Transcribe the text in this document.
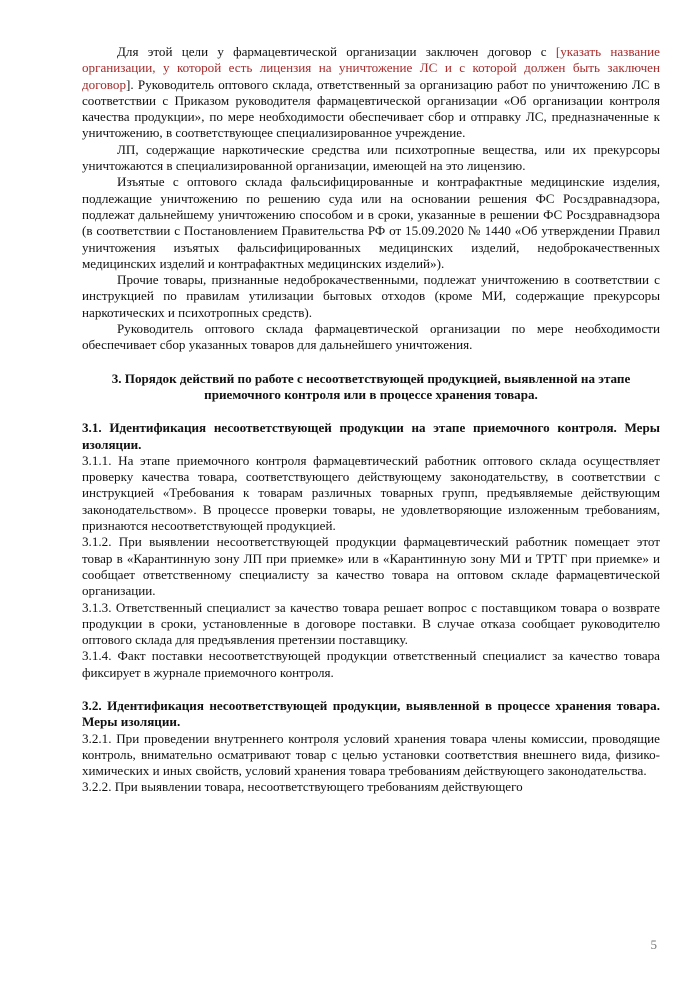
Для этой цели у фармацевтической организации заключен договор с [указать название организации, у которой есть лицензия на уничтожение ЛС и с которой должен быть заключен договор]. Руководитель оптового склада, ответственный за организацию работ по уничтожению ЛС в соответствии с Приказом руководителя фармацевтической организации «Об организации контроля качества продукции», по мере необходимости обеспечивает сбор и отправку ЛС, предназначенные к уничтожению, в соответствующее специализированное учреждение.

ЛП, содержащие наркотические средства или психотропные вещества, или их прекурсоры уничтожаются в специализированной организации, имеющей на это лицензию.

Изъятые с оптового склада фальсифицированные и контрафактные медицинские изделия, подлежащие уничтожению по решению суда или на основании решения ФС Росздравнадзора, подлежат дальнейшему уничтожению способом и в сроки, указанные в решении ФС Росздравнадзора (в соответствии с Постановлением Правительства РФ от 15.09.2020 № 1440 «Об утверждении Правил уничтожения изъятых фальсифицированных медицинских изделий, недоброкачественных медицинских изделий и контрафактных медицинских изделий»).

Прочие товары, признанные недоброкачественными, подлежат уничтожению в соответствии с инструкцией по правилам утилизации бытовых отходов (кроме МИ, содержащие прекурсоры наркотических и психотропных средств).

Руководитель оптового склада фармацевтической организации по мере необходимости обеспечивает сбор указанных товаров для дальнейшего уничтожения.

3. Порядок действий по работе с несоответствующей продукцией, выявленной на этапе приемочного контроля или в процессе хранения товара.

3.1. Идентификация несоответствующей продукции на этапе приемочного контроля. Меры изоляции.

3.1.1. На этапе приемочного контроля фармацевтический работник оптового склада осуществляет проверку качества товара, соответствующего действующему законодательству, в соответствии с инструкцией «Требования к товарам различных товарных групп, предъявляемые действующим законодательством». В процессе проверки товары, не удовлетворяющие изложенным требованиям, признаются несоответствующей продукцией.

3.1.2. При выявлении несоответствующей продукции фармацевтический работник помещает этот товар в «Карантинную зону ЛП при приемке» или в «Карантинную зону МИ и ТРТГ при приемке» и сообщает ответственному специалисту за качество товара на оптовом складе фармацевтической организации.

3.1.3. Ответственный специалист за качество товара решает вопрос с поставщиком товара о возврате продукции в сроки, установленные в договоре поставки. В случае отказа сообщает руководителю оптового склада для предъявления претензии поставщику.

3.1.4. Факт поставки несоответствующей продукции ответственный специалист за качество товара фиксирует в журнале приемочного контроля.

3.2. Идентификация несоответствующей продукции, выявленной в процессе хранения товара. Меры изоляции.

3.2.1. При проведении внутреннего контроля условий хранения товара члены комиссии, проводящие контроль, внимательно осматривают товар с целью установки соответствия внешнего вида, физико-химических и иных свойств, условий хранения товара требованиям действующего законодательства.

3.2.2. При выявлении товара, несоответствующего требованиям действующего

5
